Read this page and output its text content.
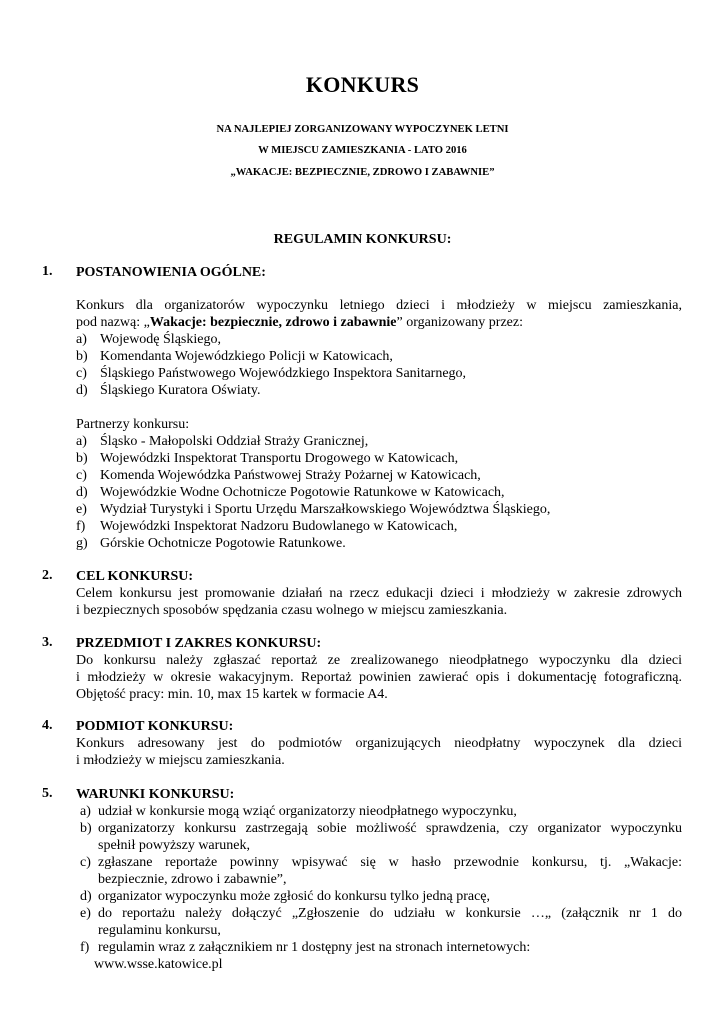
KONKURS
NA NAJLEPIEJ ZORGANIZOWANY WYPOCZYNEK LETNI
W MIEJSCU ZAMIESZKANIA - LATO 2016
„WAKACJE: BEZPIECZNIE, ZDROWO I ZABAWNIE”
REGULAMIN KONKURSU:
1. POSTANOWIENIA OGÓLNE:
Konkurs dla organizatorów wypoczynku letniego dzieci i młodzieży w miejscu zamieszkania,
pod nazwą: „Wakacje: bezpiecznie, zdrowo i zabawnie” organizowany przez:
a) Wojewodę Śląskiego,
b) Komendanta Wojewódzkiego Policji w Katowicach,
c) Śląskiego Państwowego Wojewódzkiego Inspektora Sanitarnego,
d) Śląskiego Kuratora Oświaty.
Partnerzy konkursu:
a) Śląsko - Małopolski Oddział Straży Granicznej,
b) Wojewódzki Inspektorat Transportu Drogowego w Katowicach,
c) Komenda Wojewódzka Państwowej Straży Pożarnej w Katowicach,
d) Wojewódzkie Wodne Ochotnicze Pogotowie Ratunkowe w Katowicach,
e) Wydział Turystyki i Sportu Urzędu Marszałkowskiego Województwa Śląskiego,
f) Wojewódzki Inspektorat Nadzoru Budowlanego w Katowicach,
g) Górskie Ochotnicze Pogotowie Ratunkowe.
2. CEL KONKURSU:
Celem konkursu jest promowanie działań na rzecz edukacji dzieci i młodzieży w zakresie zdrowych
i bezpiecznych sposobów spędzania czasu wolnego w miejscu zamieszkania.
3. PRZEDMIOT I ZAKRES KONKURSU:
Do konkursu należy zgłaszać reportaż ze zrealizowanego nieodpłatnego wypoczynku dla dzieci
i młodzieży w okresie wakacyjnym. Reportaż powinien zawierać opis i dokumentację fotograficzną.
Objętość pracy: min. 10, max 15 kartek w formacie A4.
4. PODMIOT KONKURSU:
Konkurs adresowany jest do podmiotów organizujących nieodpłatny wypoczynek dla dzieci
i młodzieży w miejscu zamieszkania.
5. WARUNKI KONKURSU:
a) udział w konkursie mogą wziąć organizatorzy nieodpłatnego wypoczynku,
b) organizatorzy konkursu zastrzegają sobie możliwość sprawdzenia, czy organizator wypoczynku
spełnił powyższy warunek,
c) zgłaszane reportaże powinny wpisywać się w hasło przewodnie konkursu, tj. „Wakacje:
bezpiecznie, zdrowo i zabawnie”,
d) organizator wypoczynku może zgłosić do konkursu tylko jedną pracę,
e) do reportażu należy dołączyć „Zgłoszenie do udziału w konkursie …„ (załącznik nr 1 do
regulaminu konkursu,
f) regulamin wraz z załącznikiem nr 1 dostępny jest na stronach internetowych:
www.wsse.katowice.pl
